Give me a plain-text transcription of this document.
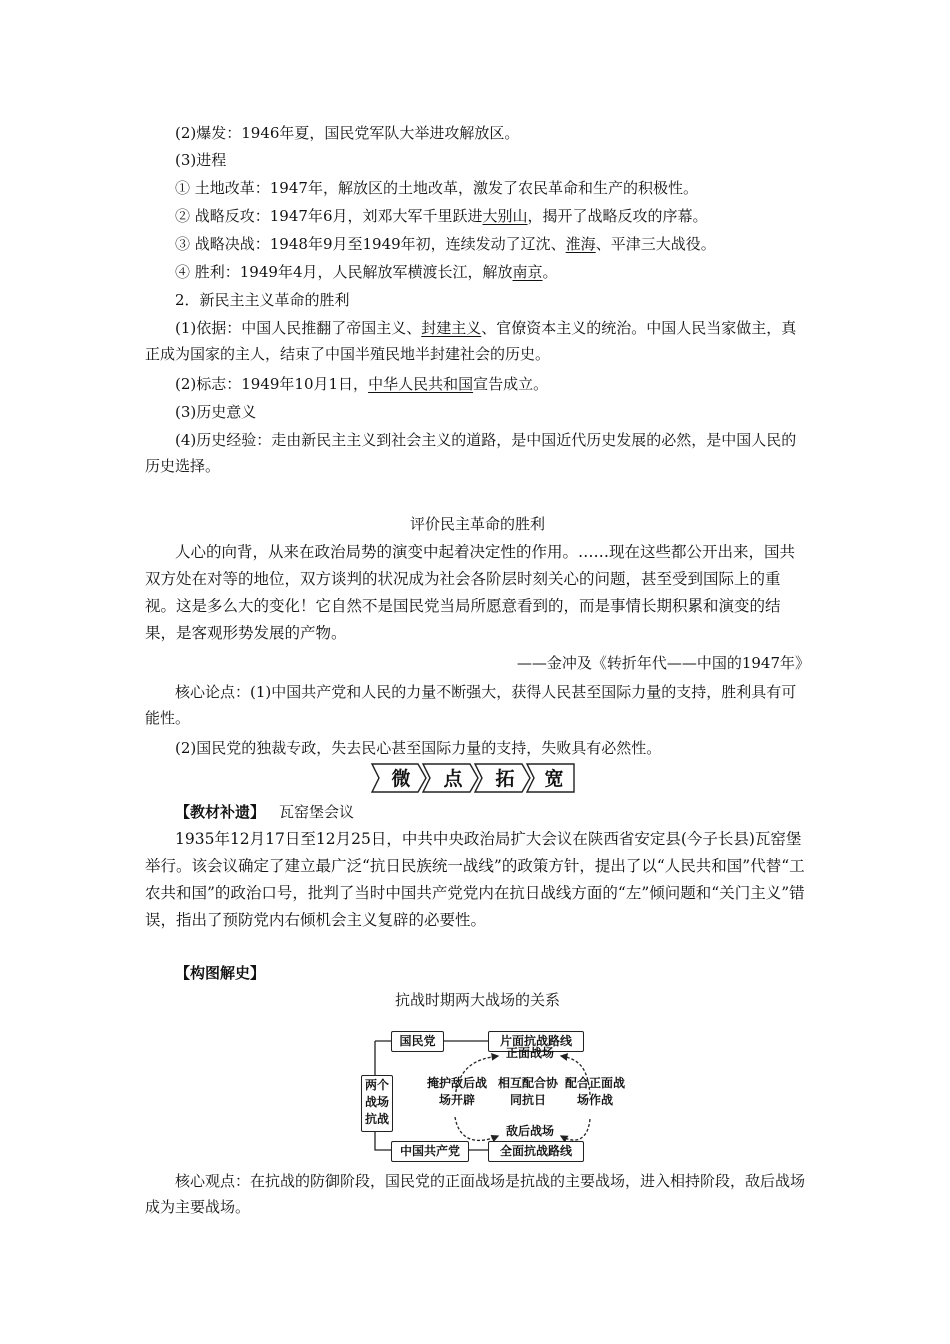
(2)爆发：1946年夏，国民党军队大举进攻解放区。
(3)进程
① 土地改革：1947年，解放区的土地改革，激发了农民革命和生产的积极性。
② 战略反攻：1947年6月，刘邓大军千里跃进大别山，揭开了战略反攻的序幕。
③ 战略决战：1948年9月至1949年初，连续发动了辽沈、淮海、平津三大战役。
④ 胜利：1949年4月，人民解放军横渡长江，解放南京。
2．新民主主义革命的胜利

(1)依据：中国人民推翻了帝国主义、封建主义、官僚资本主义的统治。中国人民当家做主，真正成为国家的主人，结束了中国半殖民地半封建社会的历史。

(2)标志：1949年10月1日，中华人民共和国宣告成立。
(3)历史意义

(4)历史经验：走由新民主主义到社会主义的道路，是中国近代历史发展的必然，是中国人民的历史选择。

评价民主革命的胜利

人心的向背，从来在政治局势的演变中起着决定性的作用。……现在这些都公开出来，国共双方处在对等的地位，双方谈判的状况成为社会各阶层时刻关心的问题，甚至受到国际上的重视。这是多么大的变化！它自然不是国民党当局所愿意看到的，而是事情长期积累和演变的结果，是客观形势发展的产物。

——金冲及《转折年代——中国的1947年》

核心论点：(1)中国共产党和人民的力量不断强大，获得人民甚至国际力量的支持，胜利具有可能性。

(2)国民党的独裁专政，失去民心甚至国际力量的支持，失败具有必然性。
微 点 拓 宽
【教材补遗】 瓦窑堡会议

1935年12月17日至12月25日，中共中央政治局扩大会议在陕西省安定县(今子长县)瓦窑堡举行。该会议确定了建立最广泛“抗日民族统一战线”的政策方针，提出了以“人民共和国”代替“工农共和国”的政治口号，批判了当时中国共产党党内在抗日战线方面的“左”倾问题和“关门主义”错误，指出了预防党内右倾机会主义复辟的必要性。

【构图解史】
抗战时期两大战场的关系
国民党	片面抗战路线
两个战场抗战
中国共产党	全面抗战路线
正面战场
敌后战场
掩护敌后战场开辟
相互配合协同抗日
配合正面战场作战

核心观点：在抗战的防御阶段，国民党的正面战场是抗战的主要战场，进入相持阶段，敌后战场成为主要战场。
